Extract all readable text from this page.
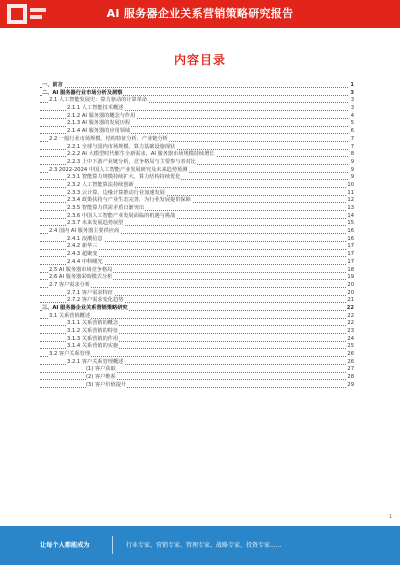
AI 服务器企业关系营销策略研究报告
内容目录
一、前言	1
二、AI 服务器行业市场分析及洞察	3
2.1 人工智能发展史：算力驱动的计算革命	3
2.1.1 人工智能技术概述	3
2.1.2 AI 服务器的概念与作用	4
2.1.3 AI 服务器的发展历程	5
2.1.4 AI 服务器的应用领域	6
2.2 一般行业市场规模、结构特征分析、产业链分析	7
2.2.1 全球与国内市场规模、算力基础设施现状	7
2.2.2 AI 大模型时代催生全新需求，AI 服务器市场规模持续增长	8
2.2.3 上中下游产业链分析，竞争格局与主要参与者对比	9
2.3 2022-2024 中国人工智能产业发展研究及未来趋势预测	9
2.3.1 智能算力规模持续扩大，算力结构持续优化	9
2.3.2 人工智能算法持续创新	10
2.3.3 云计算、边缘计算推动行业加速发展	11
2.3.4 政策扶持与产业生态完善，为行业发展提供保障	12
2.3.5 智能算力供需矛盾日渐突出	13
2.3.6 中国人工智能产业发展面临的机遇与挑战	14
2.3.7 未来发展趋势展望	15
2.4 国内 AI 服务器主要供应商	16
2.4.1 浪潮信息	16
2.4.2 新华三	17
2.4.3 超聚变	17
2.4.4 中科曙光	17
2.5 AI 服务器市场竞争格局	18
2.6 AI 服务器采购模式分析	19
2.7 客户需求分析	20
2.7.1 客户需求特征	20
2.7.2 客户需求变化趋势	21
三、AI 服务器企业关系营销策略研究	22
3.1 关系营销概述	22
3.1.1 关系营销的概念	22
3.1.2 关系营销的特征	23
3.1.3 关系营销的作用	24
3.1.4 关系营销的实施	25
3.2 客户关系管理	26
3.2.1 客户关系管理概述	26
(1) 客户获取	27
(2) 客户维系	28
(3) 客户价值提升	29
1
让每个人都能成为	行业专家、营销专家、管理专家、战略专家、投资专家......
